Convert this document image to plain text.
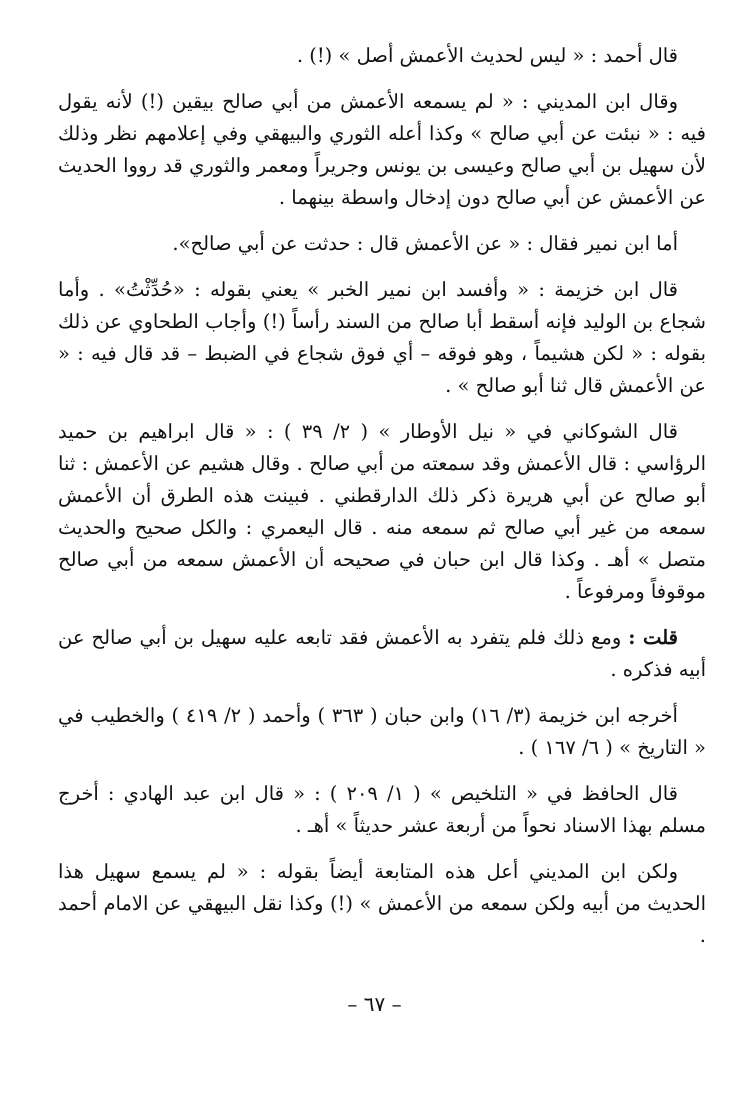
قال أحمد : « ليس لحديث الأعمش أصل » (!) .

وقال ابن المديني : « لم يسمعه الأعمش من أبي صالح بيقين (!) لأنه يقول فيه : « نبئت عن أبي صالح » وكذا أعله الثوري والبيهقي وفي إعلامهم نظر وذلك لأن سهيل بن أبي صالح وعيسى بن يونس وجريراً ومعمر والثوري قد رووا الحديث عن الأعمش عن أبي صالح دون إدخال واسطة بينهما .

أما ابن نمير فقال : « عن الأعمش قال : حدثت عن أبي صالح».

قال ابن خزيمة : « وأفسد ابن نمير الخبر » يعني بقوله : «حُدِّثْتُ» . وأما شجاع بن الوليد فإنه أسقط أبا صالح من السند رأساً (!) وأجاب الطحاوي عن ذلك بقوله : « لكن هشيماً ، وهو فوقه – أي فوق شجاع في الضبط – قد قال فيه : « عن الأعمش قال ثنا أبو صالح » .

قال الشوكاني في « نيل الأوطار » ( ٢/ ٣٩ ) : « قال ابراهيم بن حميد الرؤاسي : قال الأعمش وقد سمعته من أبي صالح . وقال هشيم عن الأعمش : ثنا أبو صالح عن أبي هريرة ذكر ذلك الدارقطني . فبينت هذه الطرق أن الأعمش سمعه من غير أبي صالح ثم سمعه منه . قال اليعمري : والكل صحيح والحديث متصل » أهـ . وكذا قال ابن حبان في صحيحه أن الأعمش سمعه من أبي صالح موقوفاً ومرفوعاً .

قلت : ومع ذلك فلم يتفرد به الأعمش فقد تابعه عليه سهيل بن أبي صالح عن أبيه فذكره .

أخرجه ابن خزيمة (٣/ ١٦) وابن حبان ( ٣٦٣ ) وأحمد ( ٢/ ٤١٩ ) والخطيب في « التاريخ » ( ٦/ ١٦٧ ) .

قال الحافظ في « التلخيص » ( ١/ ٢٠٩ ) : « قال ابن عبد الهادي : أخرج مسلم بهذا الاسناد نحواً من أربعة عشر حديثاً » أهـ .

ولكن ابن المديني أعل هذه المتابعة أيضاً بقوله : « لم يسمع سهيل هذا الحديث من أبيه ولكن سمعه من الأعمش » (!) وكذا نقل البيهقي عن الامام أحمد .

– ٦٧ –
